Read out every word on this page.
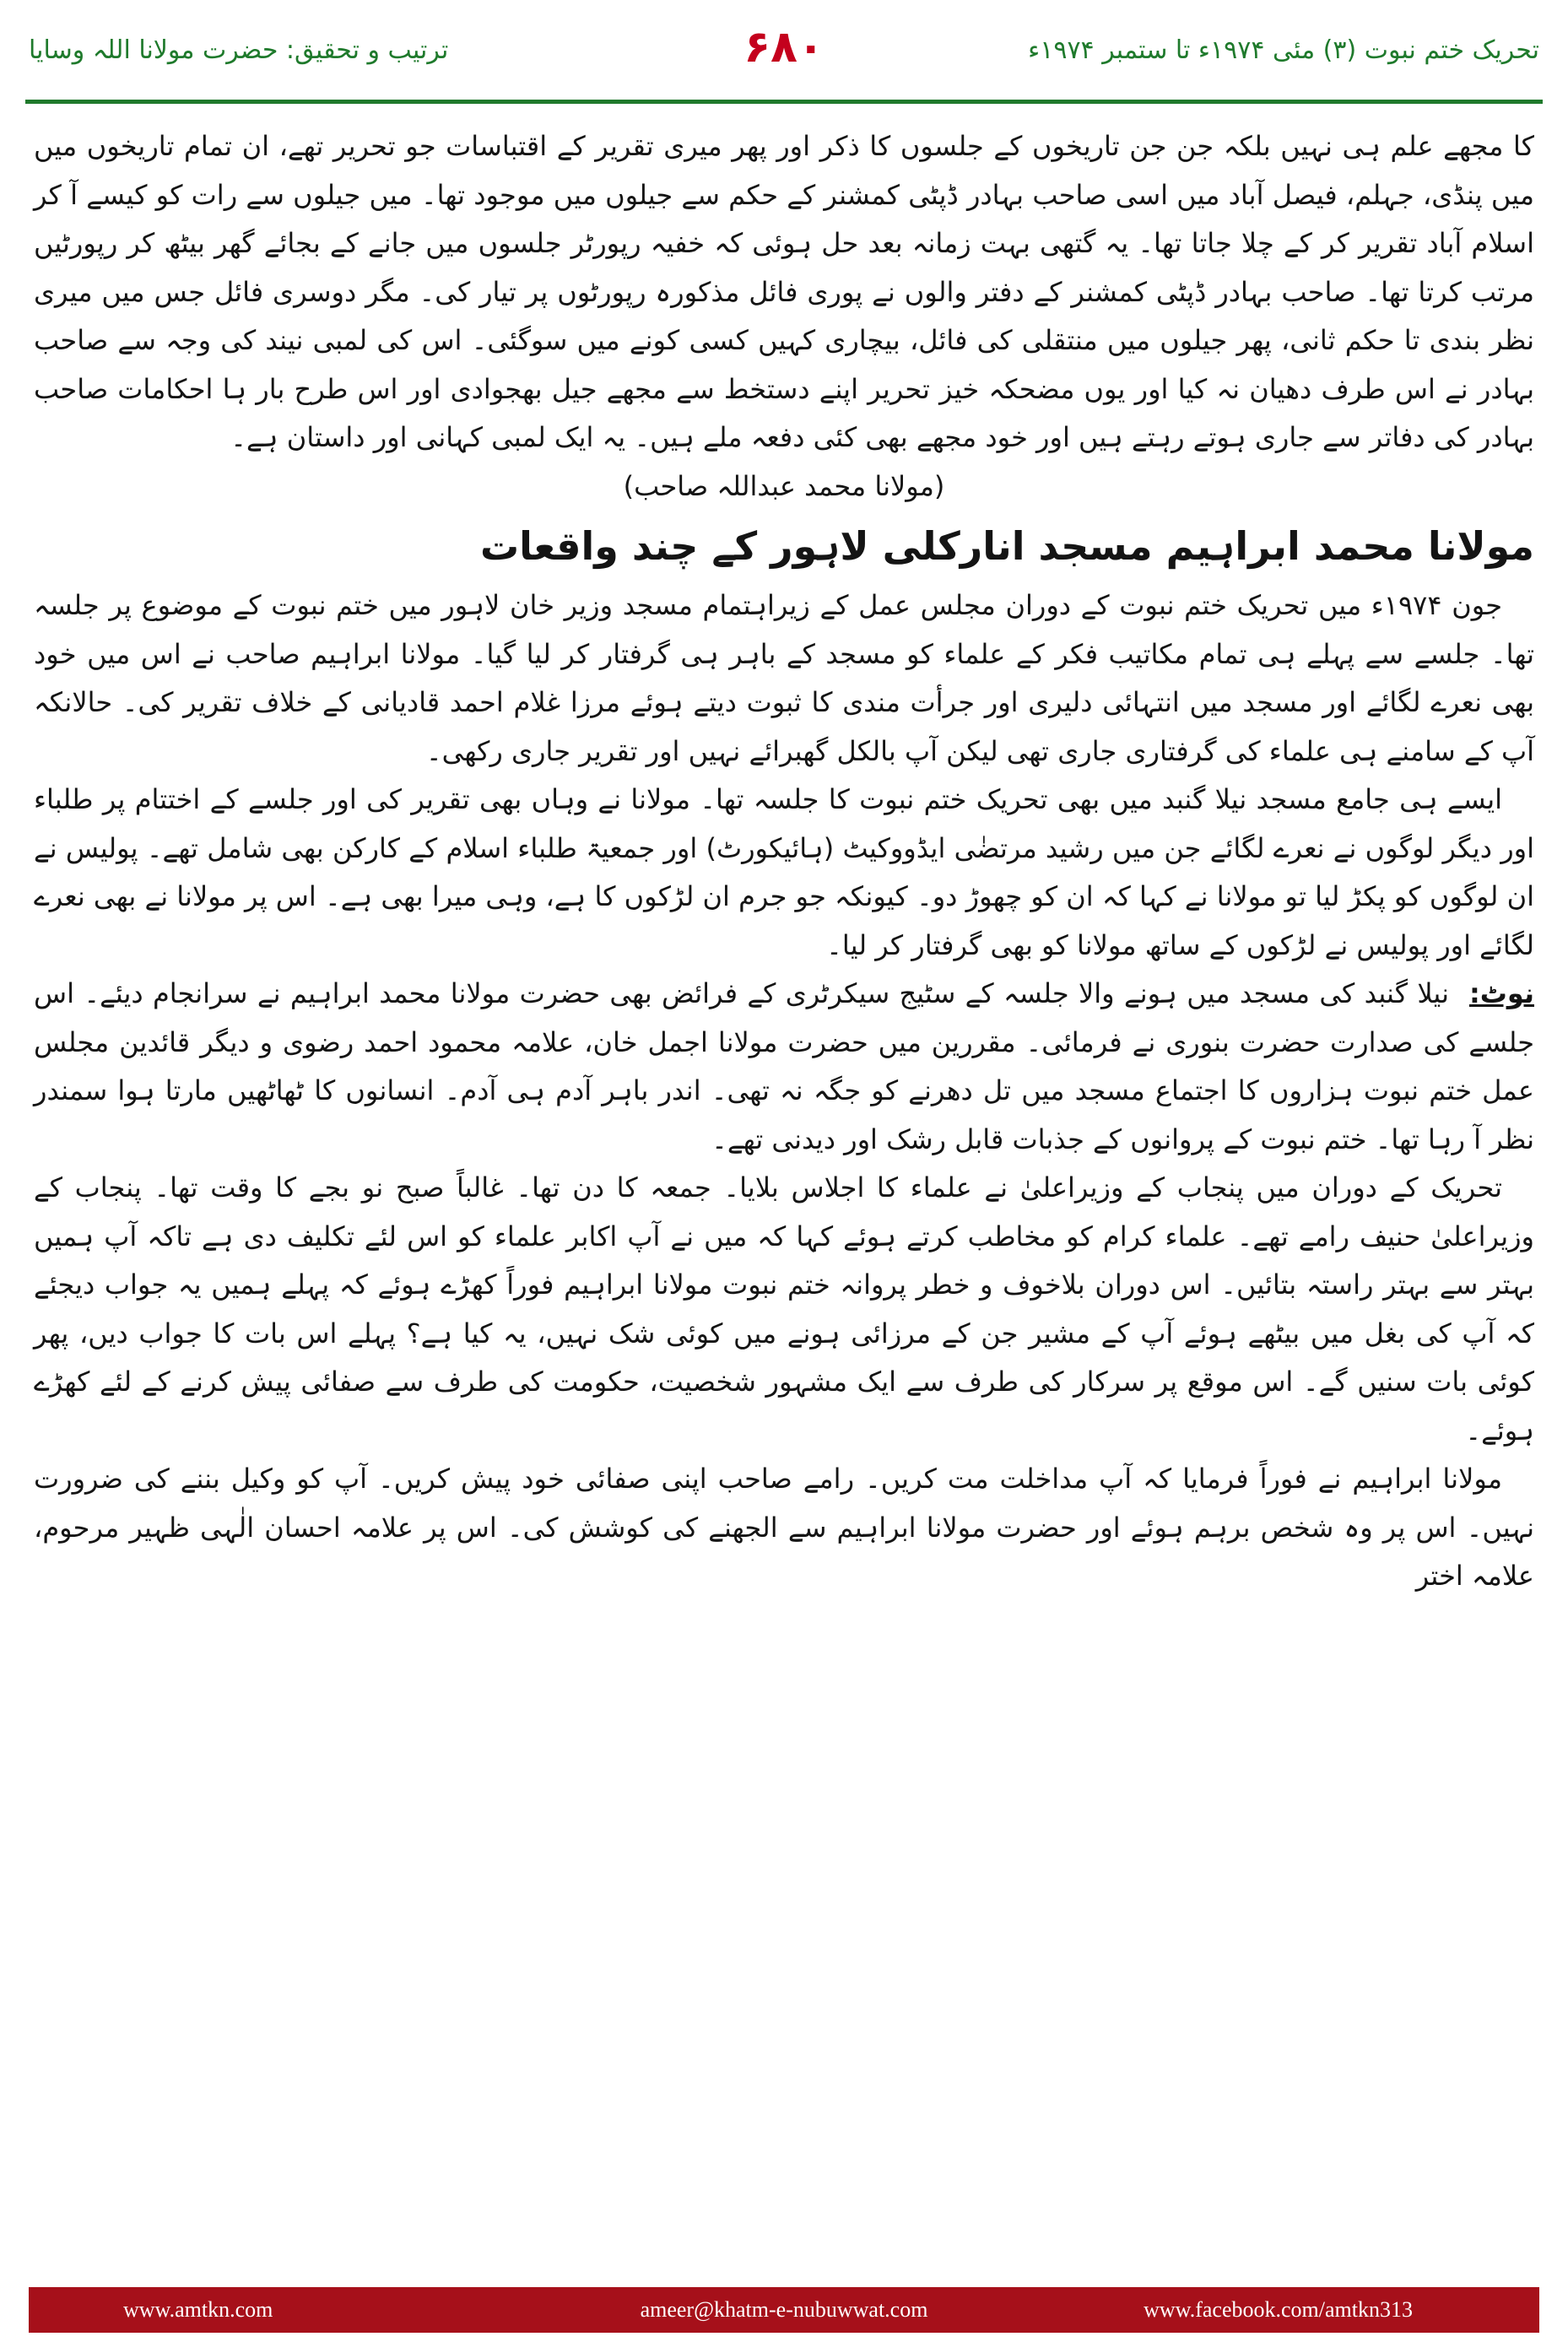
تحریک ختم نبوت (۳) مئی ۱۹۷۴ء تا ستمبر ۱۹۷۴ء
۶۸۰
ترتیب و تحقیق: حضرت مولانا اللہ وسایا

کا مجھے علم ہی نہیں بلکہ جن جن تاریخوں کے جلسوں کا ذکر اور پھر میری تقریر کے اقتباسات جو تحریر تھے، ان تمام تاریخوں میں میں پنڈی، جہلم، فیصل آباد میں اسی صاحب بہادر ڈپٹی کمشنر کے حکم سے جیلوں میں موجود تھا۔ میں جیلوں سے رات کو کیسے آ کر اسلام آباد تقریر کر کے چلا جاتا تھا۔ یہ گتھی بہت زمانہ بعد حل ہوئی کہ خفیہ رپورٹر جلسوں میں جانے کے بجائے گھر بیٹھ کر رپورٹیں مرتب کرتا تھا۔ صاحب بہادر ڈپٹی کمشنر کے دفتر والوں نے پوری فائل مذکورہ رپورٹوں پر تیار کی۔ مگر دوسری فائل جس میں میری نظر بندی تا حکم ثانی، پھر جیلوں میں منتقلی کی فائل، بیچاری کہیں کسی کونے میں سوگئی۔ اس کی لمبی نیند کی وجہ سے صاحب بہادر نے اس طرف دھیان نہ کیا اور یوں مضحکہ خیز تحریر اپنے دستخط سے مجھے جیل بھجوادی اور اس طرح بار ہا احکامات صاحب بہادر کی دفاتر سے جاری ہوتے رہتے ہیں اور خود مجھے بھی کئی دفعہ ملے ہیں۔ یہ ایک لمبی کہانی اور داستان ہے۔

(مولانا محمد عبداللہ صاحب)

مولانا محمد ابراہیم مسجد انارکلی لاہور کے چند واقعات

جون ۱۹۷۴ء میں تحریک ختم نبوت کے دوران مجلس عمل کے زیراہتمام مسجد وزیر خان لاہور میں ختم نبوت کے موضوع پر جلسہ تھا۔ جلسے سے پہلے ہی تمام مکاتیب فکر کے علماء کو مسجد کے باہر ہی گرفتار کر لیا گیا۔ مولانا ابراہیم صاحب نے اس میں خود بھی نعرے لگائے اور مسجد میں انتہائی دلیری اور جرأت مندی کا ثبوت دیتے ہوئے مرزا غلام احمد قادیانی کے خلاف تقریر کی۔ حالانکہ آپ کے سامنے ہی علماء کی گرفتاری جاری تھی لیکن آپ بالکل گھبرائے نہیں اور تقریر جاری رکھی۔

ایسے ہی جامع مسجد نیلا گنبد میں بھی تحریک ختم نبوت کا جلسہ تھا۔ مولانا نے وہاں بھی تقریر کی اور جلسے کے اختتام پر طلباء اور دیگر لوگوں نے نعرے لگائے جن میں رشید مرتضٰی ایڈووکیٹ (ہائیکورٹ) اور جمعیۃ طلباء اسلام کے کارکن بھی شامل تھے۔ پولیس نے ان لوگوں کو پکڑ لیا تو مولانا نے کہا کہ ان کو چھوڑ دو۔ کیونکہ جو جرم ان لڑکوں کا ہے، وہی میرا بھی ہے۔ اس پر مولانا نے بھی نعرے لگائے اور پولیس نے لڑکوں کے ساتھ مولانا کو بھی گرفتار کر لیا۔

نوٹ:نیلا گنبد کی مسجد میں ہونے والا جلسہ کے سٹیج سیکرٹری کے فرائض بھی حضرت مولانا محمد ابراہیم نے سرانجام دیئے۔ اس جلسے کی صدارت حضرت بنوری نے فرمائی۔ مقررین میں حضرت مولانا اجمل خان، علامہ محمود احمد رضوی و دیگر قائدین مجلس عمل ختم نبوت ہزاروں کا اجتماع مسجد میں تل دھرنے کو جگہ نہ تھی۔ اندر باہر آدم ہی آدم۔ انسانوں کا ٹھاٹھیں مارتا ہوا سمندر نظر آ رہا تھا۔ ختم نبوت کے پروانوں کے جذبات قابل رشک اور دیدنی تھے۔

تحریک کے دوران میں پنجاب کے وزیراعلیٰ نے علماء کا اجلاس بلایا۔ جمعہ کا دن تھا۔ غالباً صبح نو بجے کا وقت تھا۔ پنجاب کے وزیراعلیٰ حنیف رامے تھے۔ علماء کرام کو مخاطب کرتے ہوئے کہا کہ میں نے آپ اکابر علماء کو اس لئے تکلیف دی ہے تاکہ آپ ہمیں بہتر سے بہتر راستہ بتائیں۔ اس دوران بلاخوف و خطر پروانہ ختم نبوت مولانا ابراہیم فوراً کھڑے ہوئے کہ پہلے ہمیں یہ جواب دیجئے کہ آپ کی بغل میں بیٹھے ہوئے آپ کے مشیر جن کے مرزائی ہونے میں کوئی شک نہیں، یہ کیا ہے؟ پہلے اس بات کا جواب دیں، پھر کوئی بات سنیں گے۔ اس موقع پر سرکار کی طرف سے ایک مشہور شخصیت، حکومت کی طرف سے صفائی پیش کرنے کے لئے کھڑے ہوئے۔

مولانا ابراہیم نے فوراً فرمایا کہ آپ مداخلت مت کریں۔ رامے صاحب اپنی صفائی خود پیش کریں۔ آپ کو وکیل بننے کی ضرورت نہیں۔ اس پر وہ شخص برہم ہوئے اور حضرت مولانا ابراہیم سے الجھنے کی کوشش کی۔ اس پر علامہ احسان الٰہی ظہیر مرحوم، علامہ اختر

www.amtkn.com	ameer@khatm-e-nubuwwat.com	www.facebook.com/amtkn313
